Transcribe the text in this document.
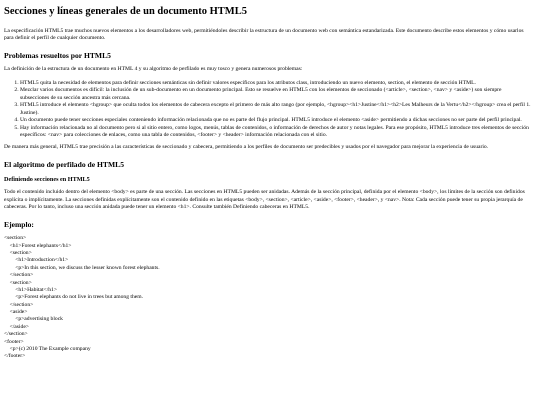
Secciones y líneas generales de un documento HTML5

La especificación HTML5 trae muchos nuevos elementos a los desarrolladores web, permitiéndoles describir la estructura de un documento web con semántica estandarizada. Este documento describe estos elementos y cómo usarlos para definir el perfil de cualquier documento.

Problemas resueltos por HTML5

La definición de la estructura de un documento en HTML 4 y su algoritmo de perfilado es muy tosco y genera numerosos problemas:

1. HTML5 quita la necesidad de elementos para definir secciones semánticas sin definir valores específicos para los atributos class, introduciendo un nuevo elemento, section, el elemento de sección HTML.
2. Mezclar varios documentos es difícil: la inclusión de un sub-documento en un documento principal. Esto se resuelve en HTML5 con los elementos de seccionado (<article>, <section>, <nav> y <aside>) son siempre subsecciones de su sección ancestra más cercana.
3. HTML5 introduce el elemento <hgroup> que oculta todos los elementos de cabecera excepto el primero de más alto rango (por ejemplo, <hgroup><h1>Justine</h1><h2>Les Malheurs de la Vertu</h2></hgroup> crea el perfil 1. Justine).
4. Un documento puede tener secciones especiales conteniendo información relacionada que no es parte del flujo principal. HTML5 introduce el elemento <aside> permitiendo a dichas secciones no ser parte del perfil principal.
5. Hay información relacionada no al documento pero si al sitio entero, como logos, menús, tablas de contenidos, o información de derechos de autor y notas legales. Para ese propósito, HTML5 introduce tres elementos de sección específicos: <nav> para colecciones de enlaces, como una tabla de contenidos, <footer> y <header> información relacionada con el sitio.

De manera más general, HTML5 trae precisión a las características de seccionado y cabecera, permitiendo a los perfiles de documento ser predecibles y usados por el navegador para mejorar la experiencia de usuario.

El algoritmo de perfilado de HTML5
Definiendo secciones en HTML5

Todo el contenido incluido dentro del elemento <body> es parte de una sección. Las secciones en HTML5 pueden ser anidadas. Además de la sección principal, definida por el elemento <body>, los límites de la sección son definidos explícita o implícitamente. La secciones definidas explícitamente son el contenido definido en las etiquetas <body>, <section>, <article>, <aside>, <footer>, <header>, y <nav>. Nota: Cada sección puede tener su propia jerarquía de cabeceras. Por lo tanto, incluso una sección anidada puede tener un elemento <h1>. Consulte también Definiendo cabeceras en HTML5.

Ejemplo:
<section>
<h1>Forest elephants</h1>
<section>
<h1>Introduction</h1>
<p>In this section, we discuss the lesser known forest elephants.
</section>
<section>
<h1>Habitat</h1>
<p>Forest elephants do not live in trees but among them.
</section>
<aside>
<p>advertising block
</aside>
</section>
<footer>
<p>(c) 2010 The Example company
</footer>
